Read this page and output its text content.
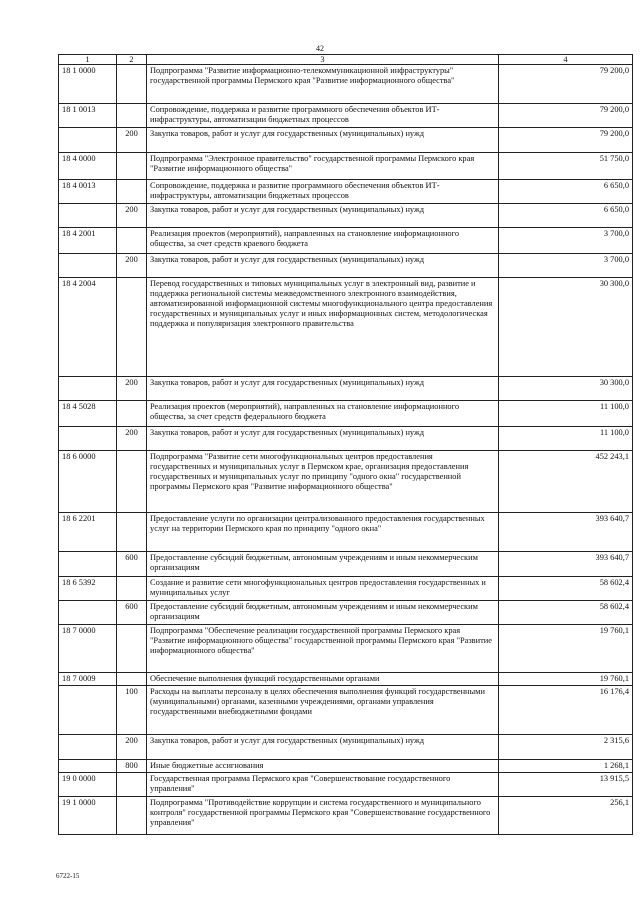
42
1	2	3	4
18 1 0000		Подпрограмма "Развитие информационно-телекоммуникационной инфраструктуры" государственной программы Пермского края "Развитие информационного общества"	79 200,0
18 1 0013		Сопровождение, поддержка и развитие программного обеспечения объектов ИТ-инфраструктуры, автоматизации бюджетных процессов	79 200,0
	200	Закупка товаров, работ и услуг для государственных (муниципальных) нужд	79 200,0
18 4 0000		Подпрограмма "Электронное правительство" государственной программы Пермского края "Развитие информационного общества"	51 750,0
18 4 0013		Сопровождение, поддержка и развитие программного обеспечения объектов ИТ-инфраструктуры, автоматизации бюджетных процессов	6 650,0
	200	Закупка товаров, работ и услуг для государственных (муниципальных) нужд	6 650,0
18 4 2001		Реализация проектов (мероприятий), направленных на становление информационного общества, за счет средств краевого бюджета	3 700,0
	200	Закупка товаров, работ и услуг для государственных (муниципальных) нужд	3 700,0
18 4 2004		Перевод государственных и типовых муниципальных услуг в электронный вид, развитие и поддержка региональной системы межведомственного электронного взаимодействия, автоматизированной информационной системы многофункционального центра предоставления государственных и муниципальных услуг и иных информационных систем, методологическая поддержка и популяризация электронного правительства	30 300,0
	200	Закупка товаров, работ и услуг для государственных (муниципальных) нужд	30 300,0
18 4 5028		Реализация проектов (мероприятий), направленных на становление информационного общества, за счет средств федерального бюджета	11 100,0
	200	Закупка товаров, работ и услуг для государственных (муниципальных) нужд	11 100,0
18 6 0000		Подпрограмма "Развитие сети многофункциональных центров предоставления государственных и муниципальных услуг в Пермском крае, организация предоставления государственных и муниципальных услуг по принципу "одного окна" государственной программы Пермского края "Развитие информационного общества"	452 243,1
18 6 2201		Предоставление услуги по организации централизованного предоставления государственных услуг на территории Пермского края по принципу "одного окна"	393 640,7
	600	Предоставление субсидий бюджетным, автономным учреждениям и иным некоммерческим организациям	393 640,7
18 6 5392		Создание и развитие сети многофункциональных центров предоставления государственных и муниципальных услуг	58 602,4
	600	Предоставление субсидий бюджетным, автономным учреждениям и иным некоммерческим организациям	58 602,4
18 7 0000		Подпрограмма "Обеспечение реализации государственной программы Пермского края "Развитие информационного общества" государственной программы Пермского края "Развитие информационного общества"	19 760,1
18 7 0009		Обеспечение выполнения функций государственными органами	19 760,1
	100	Расходы на выплаты персоналу в целях обеспечения выполнения функций государственными (муниципальными) органами, казенными учреждениями, органами управления государственными внебюджетными фондами	16 176,4
	200	Закупка товаров, работ и услуг для государственных (муниципальных) нужд	2 315,6
	800	Иные бюджетные ассигнования	1 268,1
19 0 0000		Государственная программа Пермского края "Совершенствование государственного управления"	13 915,5
19 1 0000		Подпрограмма "Противодействие коррупции и система государственного и муниципального контроля" государственной программы Пермского края "Совершенствование государственного управления"	256,1
6722-15
